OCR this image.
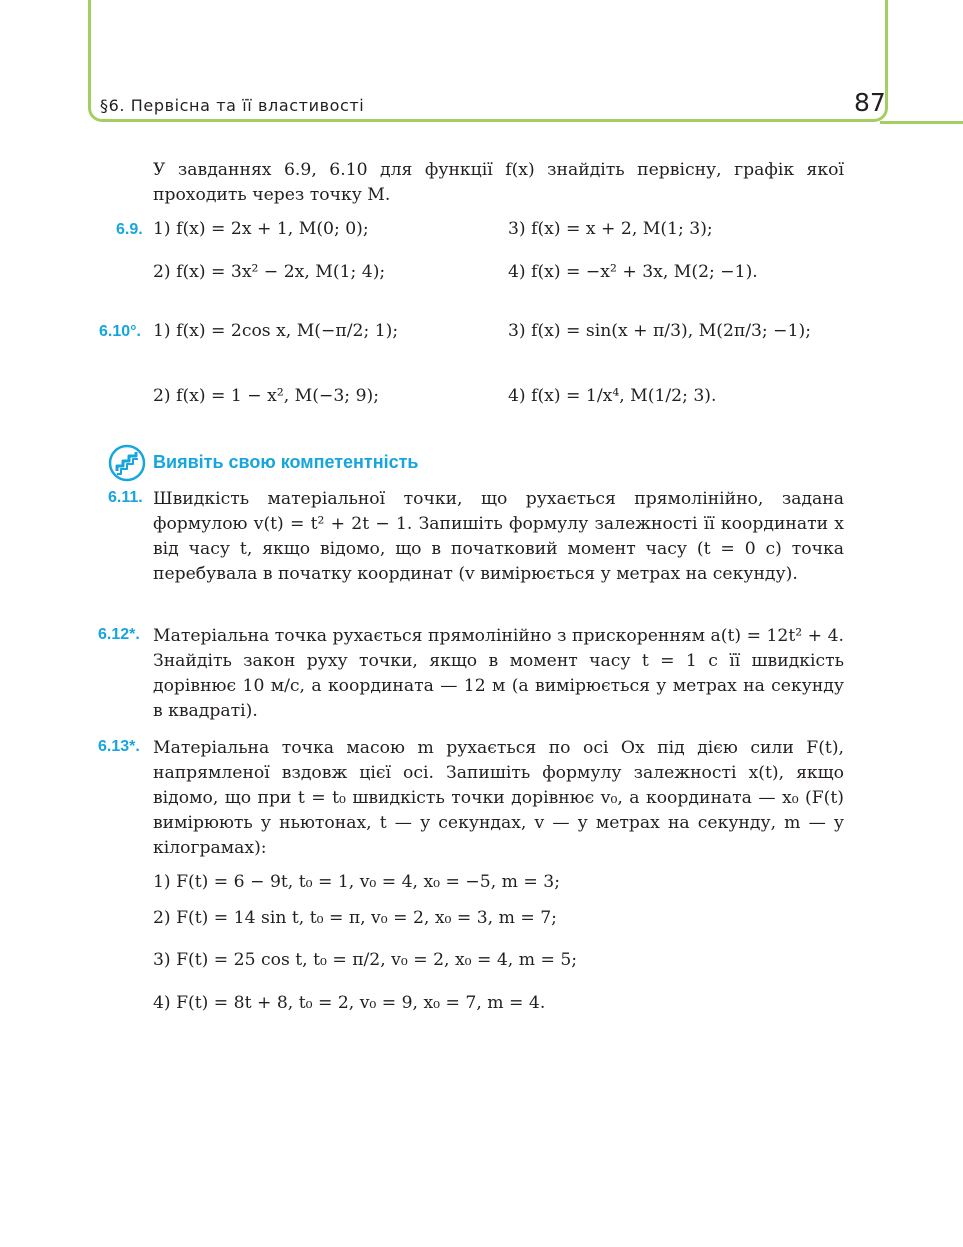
§6. Первісна та її властивості	87
У завданнях 6.9, 6.10 для функції f(x) знайдіть первісну, графік якої проходить через точку M.
6.9. 1) f(x) = 2x + 1, M(0; 0);	3) f(x) = x + 2, M(1; 3);
2) f(x) = 3x² − 2x, M(1; 4);	4) f(x) = −x² + 3x, M(2; −1).
6.10°. 1) f(x) = 2cos x, M(−π/2; 1);	3) f(x) = sin(x + π/3), M(2π/3; −1);
2) f(x) = 1 − x², M(−3; 9);	4) f(x) = 1/x⁴, M(1/2; 3).
Виявіть свою компетентність
6.11. Швидкість матеріальної точки, що рухається прямолінійно, задана формулою v(t) = t² + 2t − 1. Запишіть формулу залежності її координати x від часу t, якщо відомо, що в початковий момент часу (t = 0 с) точка перебувала в початку координат (v вимірюється у метрах на секунду).
6.12*. Матеріальна точка рухається прямолінійно з прискоренням a(t) = 12t² + 4. Знайдіть закон руху точки, якщо в момент часу t = 1 с її швидкість дорівнює 10 м/с, а координата — 12 м (a вимірюється у метрах на секунду в квадраті).
6.13*. Матеріальна точка масою m рухається по осі Ox під дією сили F(t), напрямленої вздовж цієї осі. Запишіть формулу залежності x(t), якщо відомо, що при t = t₀ швидкість точки дорівнює v₀, а координата — x₀ (F(t) вимірюють у ньютонах, t — у секундах, v — у метрах на секунду, m — у кілограмах):
1) F(t) = 6 − 9t, t₀ = 1, v₀ = 4, x₀ = −5, m = 3;
2) F(t) = 14 sin t, t₀ = π, v₀ = 2, x₀ = 3, m = 7;
3) F(t) = 25 cos t, t₀ = π/2, v₀ = 2, x₀ = 4, m = 5;
4) F(t) = 8t + 8, t₀ = 2, v₀ = 9, x₀ = 7, m = 4.
